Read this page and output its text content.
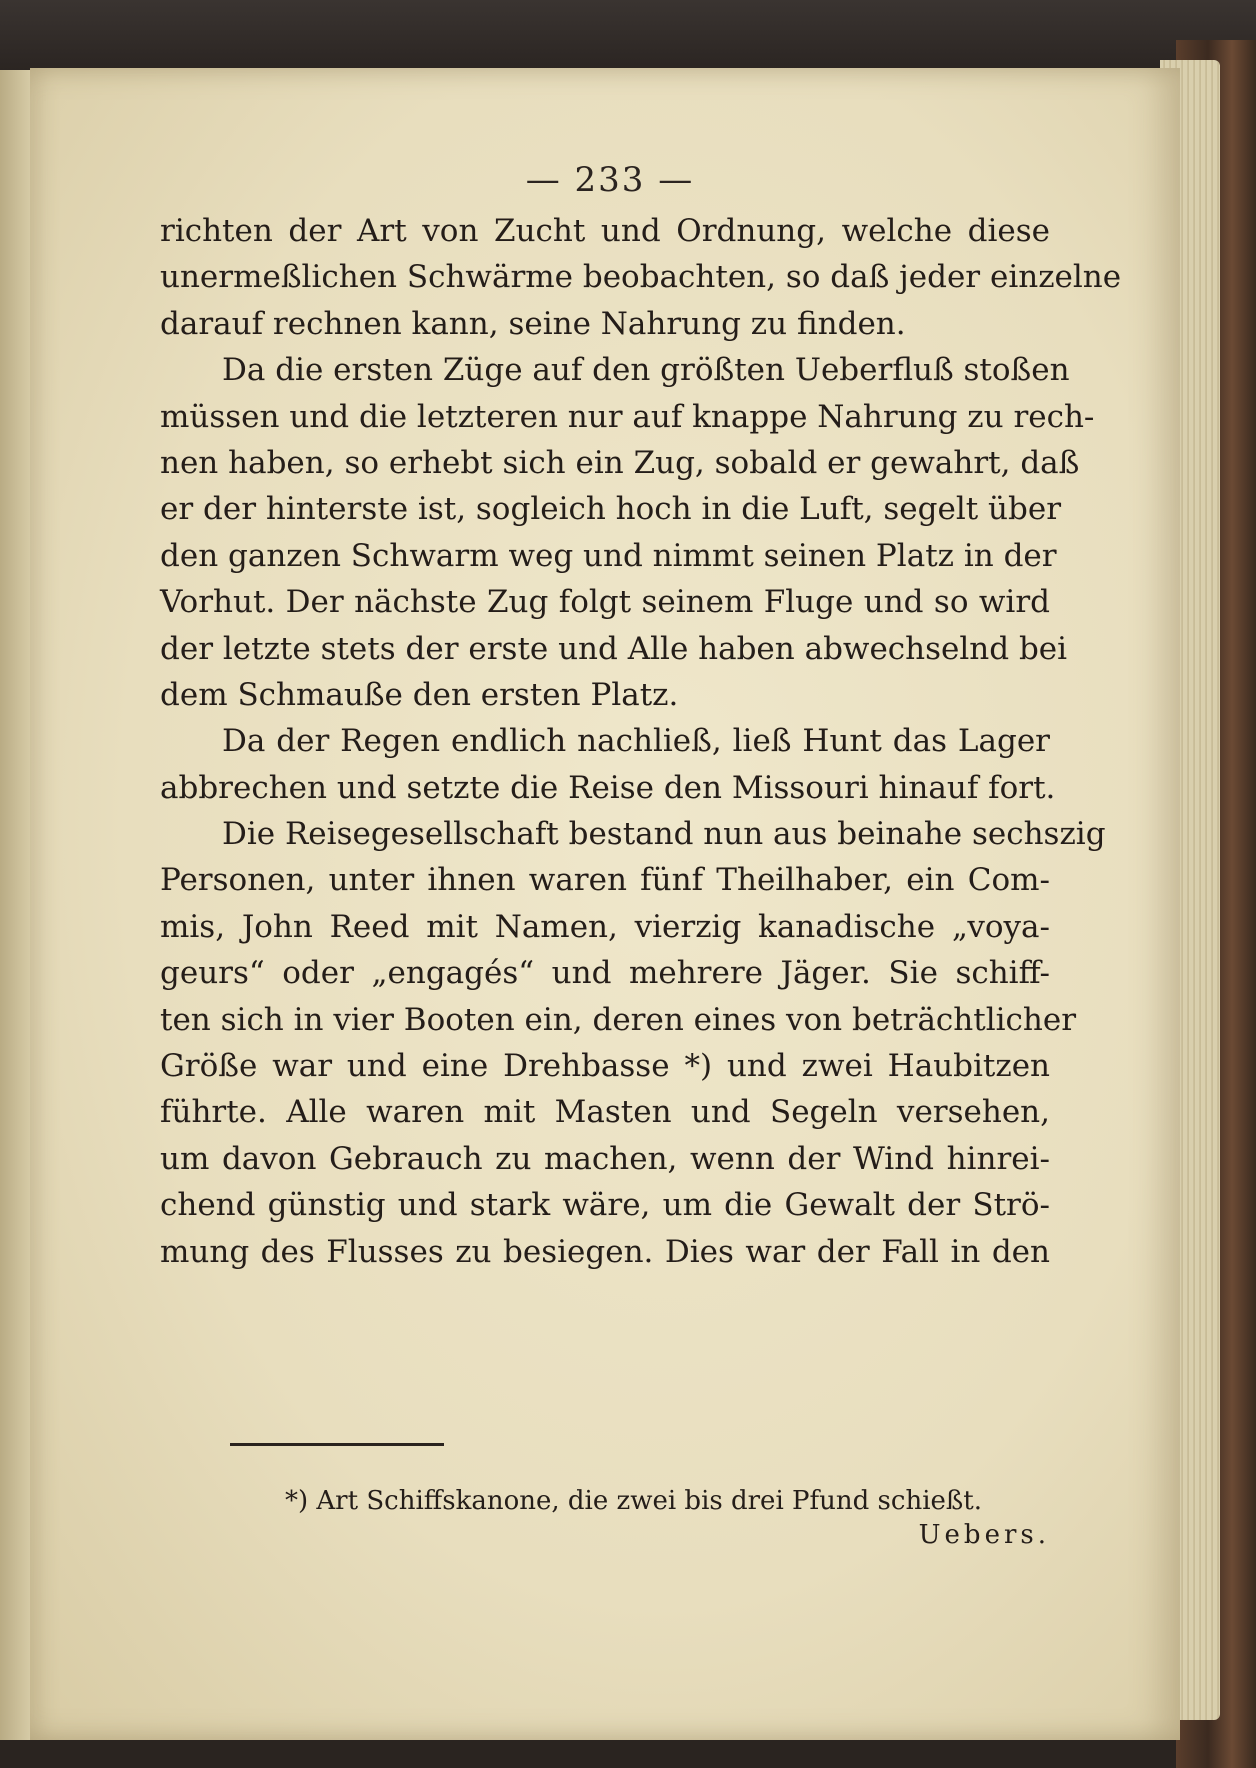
— 233 —
richten der Art von Zucht und Ordnung, welche diese
unermeßlichen Schwärme beobachten, so daß jeder einzelne
darauf rechnen kann, seine Nahrung zu finden.
Da die ersten Züge auf den größten Ueberfluß stoßen
müssen und die letzteren nur auf knappe Nahrung zu rech-
nen haben, so erhebt sich ein Zug, sobald er gewahrt, daß
er der hinterste ist, sogleich hoch in die Luft, segelt über
den ganzen Schwarm weg und nimmt seinen Platz in der
Vorhut. Der nächste Zug folgt seinem Fluge und so wird
der letzte stets der erste und Alle haben abwechselnd bei
dem Schmauße den ersten Platz.
Da der Regen endlich nachließ, ließ Hunt das Lager
abbrechen und setzte die Reise den Missouri hinauf fort.
Die Reisegesellschaft bestand nun aus beinahe sechszig
Personen, unter ihnen waren fünf Theilhaber, ein Com-
mis, John Reed mit Namen, vierzig kanadische „voya-
geurs“ oder „engagés“ und mehrere Jäger. Sie schiff-
ten sich in vier Booten ein, deren eines von beträchtlicher
Größe war und eine Drehbasse *) und zwei Haubitzen
führte. Alle waren mit Masten und Segeln versehen,
um davon Gebrauch zu machen, wenn der Wind hinrei-
chend günstig und stark wäre, um die Gewalt der Strö-
mung des Flusses zu besiegen. Dies war der Fall in den
*) Art Schiffskanone, die zwei bis drei Pfund schießt.
Uebers.
